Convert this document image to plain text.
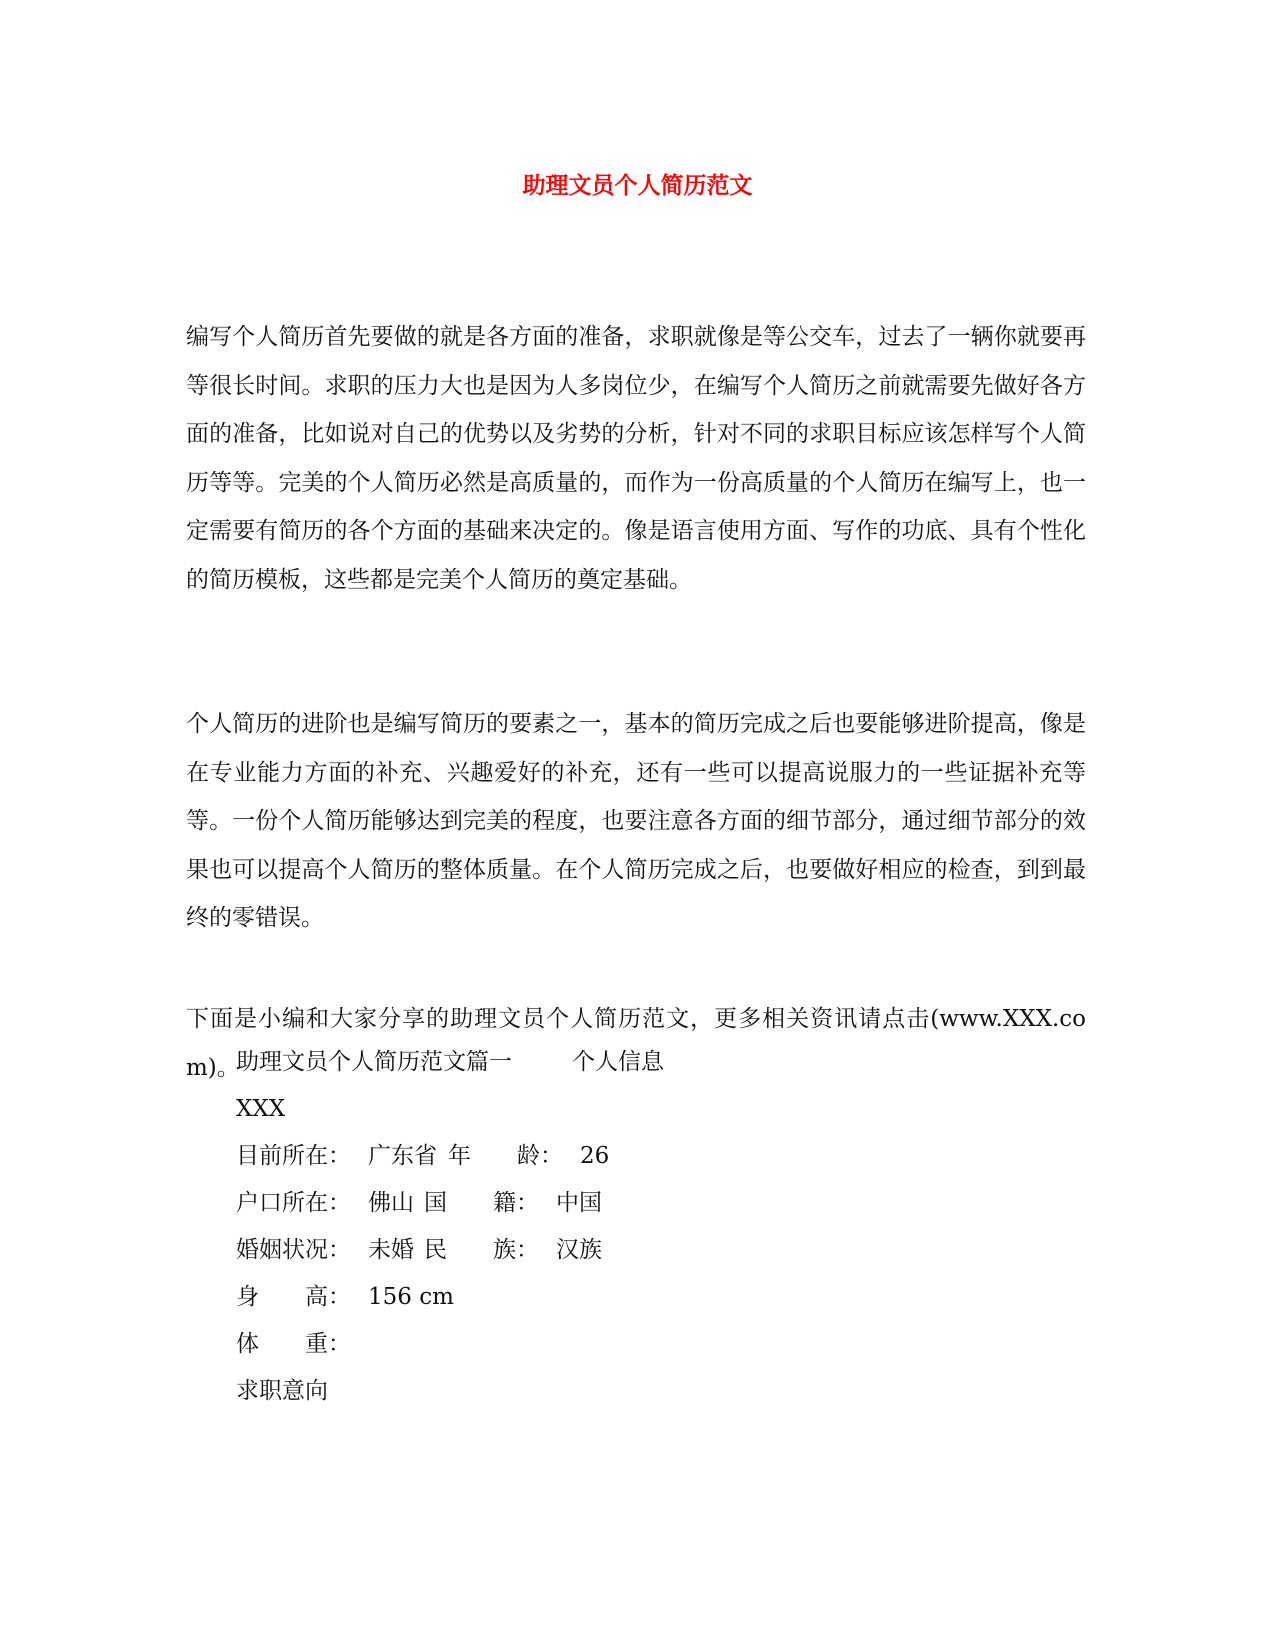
助理文员个人简历范文
编写个人简历首先要做的就是各方面的准备，求职就像是等公交车，过去了一辆你就要再等很长时间。求职的压力大也是因为人多岗位少，在编写个人简历之前就需要先做好各方面的准备，比如说对自己的优势以及劣势的分析，针对不同的求职目标应该怎样写个人简历等等。完美的个人简历必然是高质量的，而作为一份高质量的个人简历在编写上，也一定需要有简历的各个方面的基础来决定的。像是语言使用方面、写作的功底、具有个性化的简历模板，这些都是完美个人简历的奠定基础。
个人简历的进阶也是编写简历的要素之一，基本的简历完成之后也要能够进阶提高，像是在专业能力方面的补充、兴趣爱好的补充，还有一些可以提高说服力的一些证据补充等等。一份个人简历能够达到完美的程度，也要注意各方面的细节部分，通过细节部分的效果也可以提高个人简历的整体质量。在个人简历完成之后，也要做好相应的检查，到到最终的零错误。
下面是小编和大家分享的助理文员个人简历范文，更多相关资讯请点击(www.XXX.com)。
助理文员个人简历范文篇一	个人信息
XXX

目前所在：

广东省

年　　龄：

26

户口所在：

佛山

国　　籍：

中国

婚姻状况：

未婚

民　　族：

汉族

身　　高：

156 cm

体　　重：

求职意向
